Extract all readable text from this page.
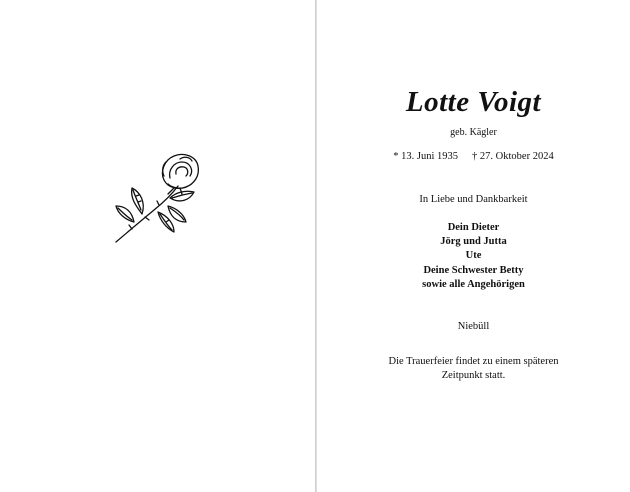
Lotte Voigt
geb. Kägler
* 13. Juni 1935 † 27. Oktober 2024
In Liebe und Dankbarkeit
Dein Dieter
Jörg und Jutta
Ute
Deine Schwester Betty
sowie alle Angehörigen
Niebüll
Die Trauerfeier findet zu einem späteren
Zeitpunkt statt.
